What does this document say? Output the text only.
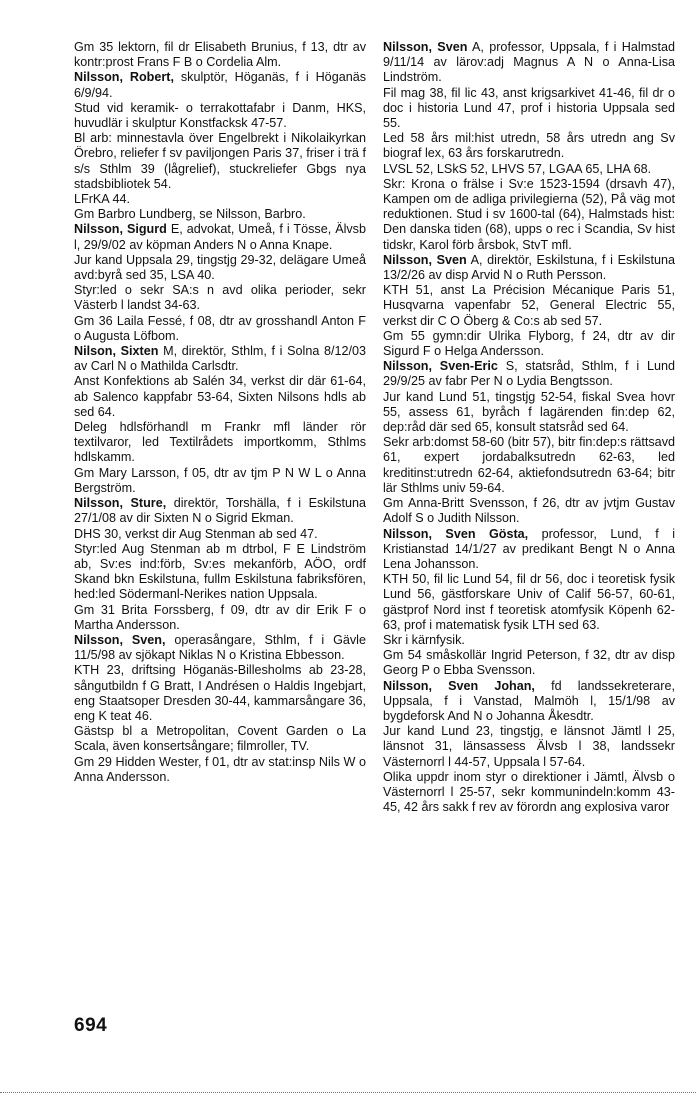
Gm 35 lektorn, fil dr Elisabeth Brunius, f 13, dtr av kontr:prost Frans F B o Cordelia Alm.

Nilsson, Robert, skulptör, Höganäs, f i Höganäs 6/9/94.

Stud vid keramik- o terrakottafabr i Danm, HKS, huvudlär i skulptur Konstfacksk 47-57.

Bl arb: minnestavla över Engelbrekt i Nikolaikyrkan Örebro, reliefer f sv paviljongen Paris 37, friser i trä f s/s Sthlm 39 (lågrelief), stuckreliefer Gbgs nya stadsbibliotek 54.

LFrKA 44.

Gm Barbro Lundberg, se Nilsson, Barbro.

Nilsson, Sigurd E, advokat, Umeå, f i Tösse, Älvsb l, 29/9/02 av köpman Anders N o Anna Knape.

Jur kand Uppsala 29, tingstjg 29-32, delägare Umeå avd:byrå sed 35, LSA 40.

Styr:led o sekr SA:s n avd olika perioder, sekr Västerb l landst 34-63.

Gm 36 Laila Fessé, f 08, dtr av grosshandl Anton F o Augusta Löfbom.

Nilson, Sixten M, direktör, Sthlm, f i Solna 8/12/03 av Carl N o Mathilda Carlsdtr.

Anst Konfektions ab Salén 34, verkst dir där 61-64, ab Salenco kappfabr 53-64, Sixten Nilsons hdls ab sed 64.

Deleg hdlsförhandl m Frankr mfl länder rör textilvaror, led Textilrådets importkomm, Sthlms hdlskamm.

Gm Mary Larsson, f 05, dtr av tjm P N W L o Anna Bergström.

Nilsson, Sture, direktör, Torshälla, f i Eskilstuna 27/1/08 av dir Sixten N o Sigrid Ekman.

DHS 30, verkst dir Aug Stenman ab sed 47.

Styr:led Aug Stenman ab m dtrbol, F E Lindström ab, Sv:es ind:förb, Sv:es mekanförb, AÖO, ordf Skand bkn Eskilstuna, fullm Eskilstuna fabriksfören, hed:led Södermanl-Nerikes nation Uppsala.

Gm 31 Brita Forssberg, f 09, dtr av dir Erik F o Martha Andersson.

Nilsson, Sven, operasångare, Sthlm, f i Gävle 11/5/98 av sjökapt Niklas N o Kristina Ebbesson.

KTH 23, driftsing Höganäs-Billesholms ab 23-28, sångutbildn f G Bratt, I Andrésen o Haldis Ingebjart, eng Staatsoper Dresden 30-44, kammarsångare 36, eng K teat 46.

Gästsp bl a Metropolitan, Covent Garden o La Scala, även konsertsångare; filmroller, TV.

Gm 29 Hidden Wester, f 01, dtr av stat:insp Nils W o Anna Andersson.

Nilsson, Sven A, professor, Uppsala, f i Halmstad 9/11/14 av lärov:adj Magnus A N o Anna-Lisa Lindström.

Fil mag 38, fil lic 43, anst krigsarkivet 41-46, fil dr o doc i historia Lund 47, prof i historia Uppsala sed 55.

Led 58 års mil:hist utredn, 58 års utredn ang Sv biograf lex, 63 års forskarutredn.

LVSL 52, LSkS 52, LHVS 57, LGAA 65, LHA 68.

Skr: Krona o frälse i Sv:e 1523-1594 (drsavh 47), Kampen om de adliga privilegierna (52), På väg mot reduktionen. Stud i sv 1600-tal (64), Halmstads hist: Den danska tiden (68), upps o rec i Scandia, Sv hist tidskr, Karol förb årsbok, StvT mfl.

Nilsson, Sven A, direktör, Eskilstuna, f i Eskilstuna 13/2/26 av disp Arvid N o Ruth Persson.

KTH 51, anst La Précision Mécanique Paris 51, Husqvarna vapenfabr 52, General Electric 55, verkst dir C O Öberg & Co:s ab sed 57.

Gm 55 gymn:dir Ulrika Flyborg, f 24, dtr av dir Sigurd F o Helga Andersson.

Nilsson, Sven-Eric S, statsråd, Sthlm, f i Lund 29/9/25 av fabr Per N o Lydia Bengtsson.

Jur kand Lund 51, tingstjg 52-54, fiskal Svea hovr 55, assess 61, byråch f lagärenden fin:dep 62, dep:råd där sed 65, konsult statsråd sed 64.

Sekr arb:domst 58-60 (bitr 57), bitr fin:dep:s rättsavd 61, expert jordabalksutredn 62-63, led kreditinst:utredn 62-64, aktiefondsutredn 63-64; bitr lär Sthlms univ 59-64.

Gm Anna-Britt Svensson, f 26, dtr av jvtjm Gustav Adolf S o Judith Nilsson.

Nilsson, Sven Gösta, professor, Lund, f i Kristianstad 14/1/27 av predikant Bengt N o Anna Lena Johansson.

KTH 50, fil lic Lund 54, fil dr 56, doc i teoretisk fysik Lund 56, gästforskare Univ of Calif 56-57, 60-61, gästprof Nord inst f teoretisk atomfysik Köpenh 62-63, prof i matematisk fysik LTH sed 63.

Skr i kärnfysik.

Gm 54 småskollär Ingrid Peterson, f 32, dtr av disp Georg P o Ebba Svensson.

Nilsson, Sven Johan, fd landssekreterare, Uppsala, f i Vanstad, Malmöh l, 15/1/98 av bygdeforsk And N o Johanna Åkesdtr.

Jur kand Lund 23, tingstjg, e länsnot Jämtl l 25, länsnot 31, länsassess Älvsb l 38, landssekr Västernorrl l 44-57, Uppsala l 57-64.

Olika uppdr inom styr o direktioner i Jämtl, Älvsb o Västernorrl l 25-57, sekr kommunindeln:komm 43-45, 42 års sakk f rev av förordn ang explosiva varor

694
